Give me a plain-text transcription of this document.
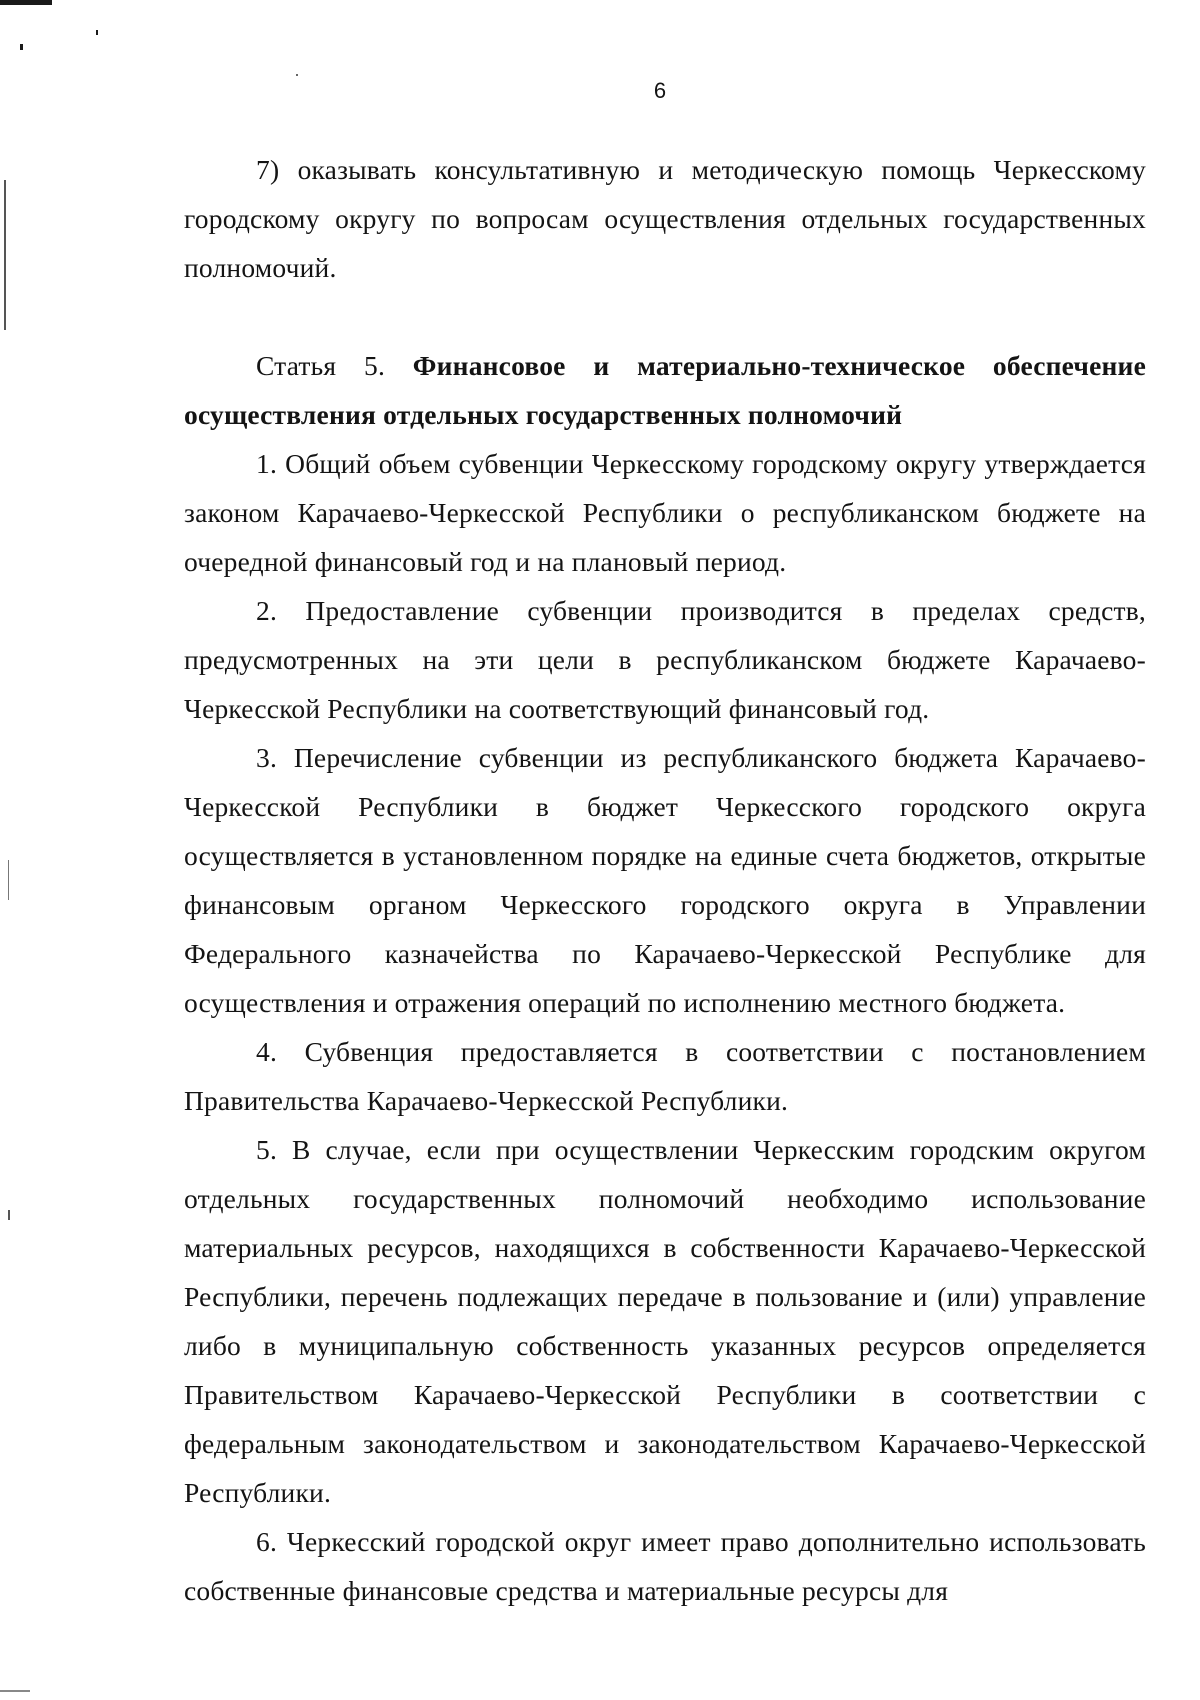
6

7) оказывать консультативную и методическую помощь Черкесскому городскому округу по вопросам осуществления отдельных государственных полномочий.

Статья 5. Финансовое и материально-техническое обеспечение осуществления отдельных государственных полномочий

1. Общий объем субвенции Черкесскому городскому округу утверждается законом Карачаево-Черкесской Республики о республиканском бюджете на очередной финансовый год и на плановый период.

2. Предоставление субвенции производится в пределах средств, предусмотренных на эти цели в республиканском бюджете Карачаево-Черкесской Республики на соответствующий финансовый год.

3. Перечисление субвенции из республиканского бюджета Карачаево-Черкесской Республики в бюджет Черкесского городского округа осуществляется в установленном порядке на единые счета бюджетов, открытые финансовым органом Черкесского городского округа в Управлении Федерального казначейства по Карачаево-Черкесской Республике для осуществления и отражения операций по исполнению местного бюджета.

4. Субвенция предоставляется в соответствии с постановлением Правительства Карачаево-Черкесской Республики.

5. В случае, если при осуществлении Черкесским городским округом отдельных государственных полномочий необходимо использование материальных ресурсов, находящихся в собственности Карачаево-Черкесской Республики, перечень подлежащих передаче в пользование и (или) управление либо в муниципальную собственность указанных ресурсов определяется Правительством Карачаево-Черкесской Республики в соответствии с федеральным законодательством и законодательством Карачаево-Черкесской Республики.

6. Черкесский городской округ имеет право дополнительно использовать собственные финансовые средства и материальные ресурсы для
